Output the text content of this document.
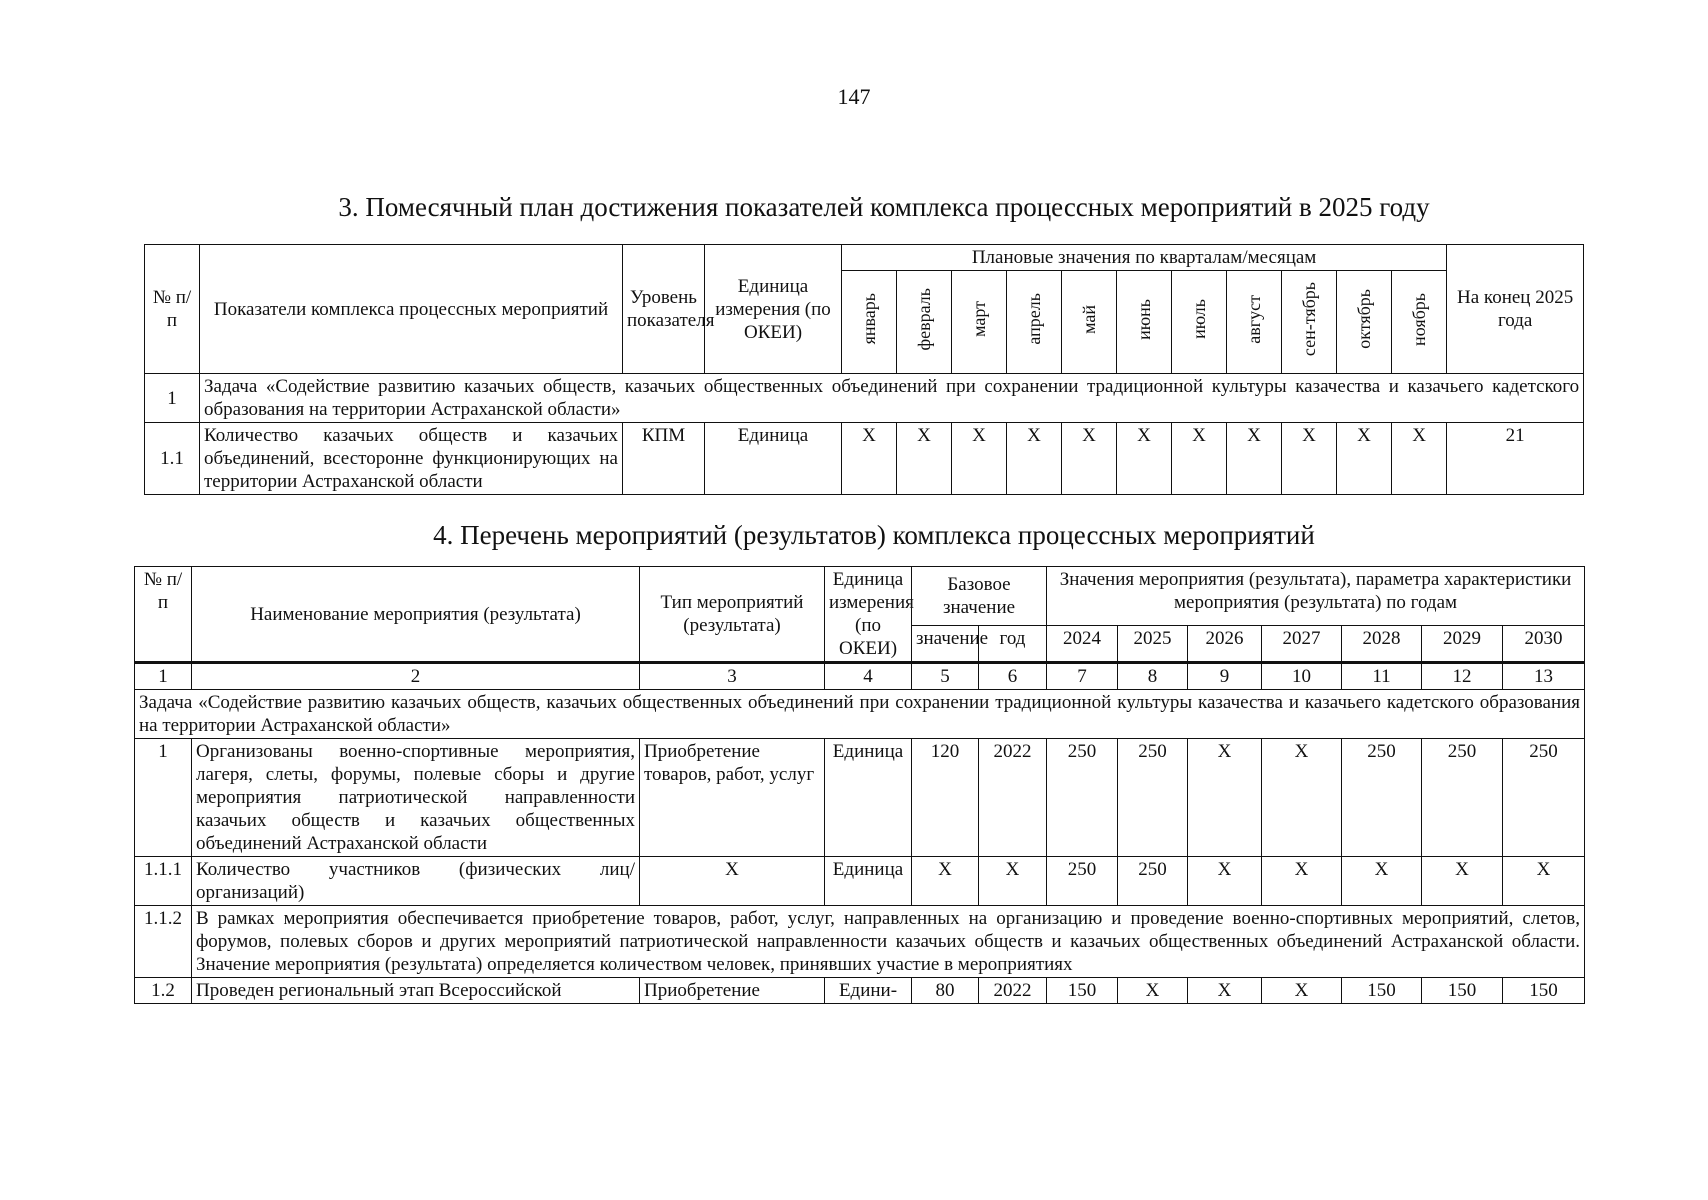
147
3. Помесячный план достижения показателей комплекса процессных мероприятий в 2025 году
№ п/п	Показатели комплекса процессных мероприятий	Уровень показателя	Единица измерения (по ОКЕИ)	Плановые значения по кварталам/месяцам											На конец 2025 года
				январь	февраль	март	апрель	май	июнь	июль	август	сен-тябрь	октябрь	ноябрь	
1	Задача «Содействие развитию казачьих обществ, казачьих общественных объединений при сохранении традиционной культуры казачества и казачьего кадетского образования на территории Астраханской области»														
1.1	Количество казачьих обществ и казачьих объединений, всесторонне функционирующих на территории Астраханской области	КПМ	Единица	X	X	X	X	X	X	X	X	X	X	X	21
4. Перечень мероприятий (результатов) комплекса процессных мероприятий
№ п/п	Наименование мероприятия (результата)	Тип мероприятий (результата)	Единица измерения (по ОКЕИ)	Базовое значение		Значения мероприятия (результата), параметра характеристики мероприятия (результата) по годам						
				значение	год	2024	2025	2026	2027	2028	2029	2030

1	2	3	4	5	6	7	8	9	10	11	12	13
Задача «Содействие развитию казачьих обществ, казачьих общественных объединений при сохранении традиционной культуры казачества и казачьего кадетского образования на территории Астраханской области»												
1	Организованы военно-спортивные мероприятия, лагеря, слеты, форумы, полевые сборы и другие мероприятия патриотической направленности казачьих обществ и казачьих общественных объединений Астраханской области	Приобретение товаров, работ, услуг	Единица	120	2022	250	250	X	X	250	250	250
1.1.1	Количество участников (физических лиц/организаций)	X	Единица	X	X	250	250	X	X	X	X	X
1.1.2	В рамках мероприятия обеспечивается приобретение товаров, работ, услуг, направленных на организацию и проведение военно-спортивных мероприятий, слетов, форумов, полевых сборов и других мероприятий патриотической направленности казачьих обществ и казачьих общественных объединений Астраханской области. Значение мероприятия (результата) определяется количеством человек, принявших участие в мероприятиях											
1.2	Проведен региональный этап Всероссийской	Приобретение	Едини-	80	2022	150	X	X	X	150	150	150
